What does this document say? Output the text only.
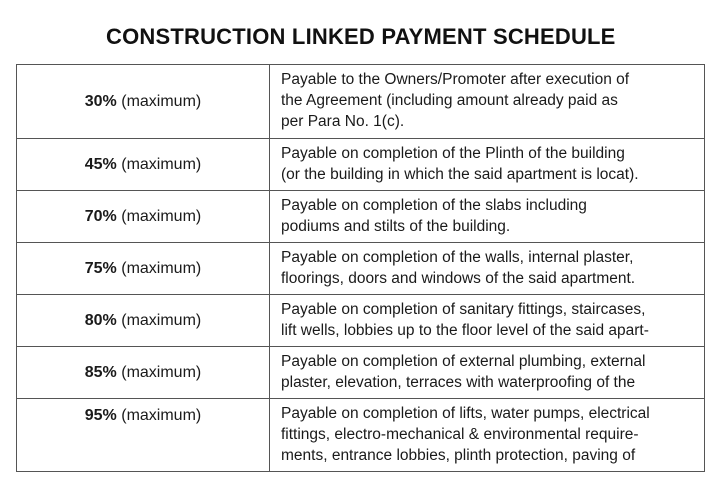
CONSTRUCTION LINKED PAYMENT SCHEDULE
30% (maximum)	Payable to the Owners/Promoter after execution of
the Agreement (including amount already paid as
per Para No. 1(c).

45% (maximum)	Payable on completion of the Plinth of the building
(or the building in which the said apartment is locat).

70% (maximum)	Payable on completion of the slabs including
podiums and stilts of the building.

75% (maximum)	Payable on completion of the walls, internal plaster,
floorings, doors and windows of the said apartment.

80% (maximum)	Payable on completion of sanitary fittings, staircases,
lift wells, lobbies up to the floor level of the said apart-

85% (maximum)	Payable on completion of external plumbing, external
plaster, elevation, terraces with waterproofing of the

95% (maximum)	Payable on completion of lifts, water pumps, electrical
fittings, electro-mechanical & environmental require-
ments, entrance lobbies, plinth protection, paving of
